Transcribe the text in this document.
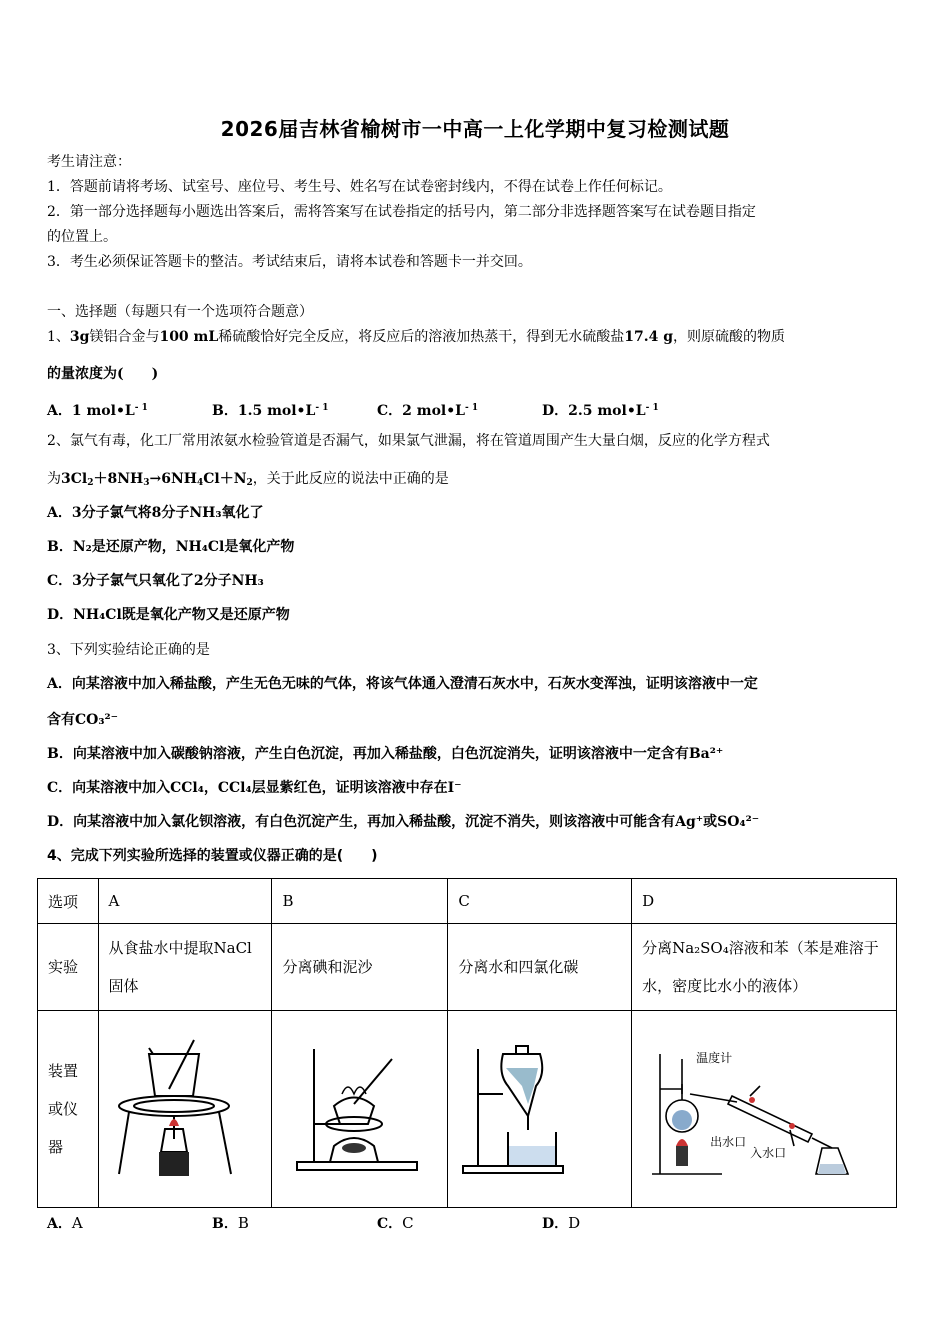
2026届吉林省榆树市一中高一上化学期中复习检测试题
考生请注意：
1．答题前请将考场、试室号、座位号、考生号、姓名写在试卷密封线内，不得在试卷上作任何标记。
2．第一部分选择题每小题选出答案后，需将答案写在试卷指定的括号内，第二部分非选择题答案写在试卷题目指定
的位置上。
3．考生必须保证答题卡的整洁。考试结束后，请将本试卷和答题卡一并交回。
一、选择题（每题只有一个选项符合题意）
1、3g镁铝合金与100 mL稀硫酸恰好完全反应，将反应后的溶液加热蒸干，得到无水硫酸盐17.4 g，则原硫酸的物质
的量浓度为(　　)
A．1 $mol•L^{- 1}$	B．1.5 $mol•L^{- 1}$	C．2 $mol•L^{- 1}$	D．2.5 $mol•L^{- 1}$
2、氯气有毒，化工厂常用浓氨水检验管道是否漏气，如果氯气泄漏，将在管道周围产生大量白烟，反应的化学方程式
为$3Cl_2+8NH_3\to 6NH_4Cl+N_2$，关于此反应的说法中正确的是
A．3分子氯气将8分子NH₃氧化了
B．N₂是还原产物，NH₄Cl是氧化产物
C．3分子氯气只氧化了2分子NH₃
D．NH₄Cl既是氧化产物又是还原产物
3、下列实验结论正确的是
A．向某溶液中加入稀盐酸，产生无色无味的气体，将该气体通入澄清石灰水中，石灰水变浑浊，证明该溶液中一定
含有CO₃²⁻
B．向某溶液中加入碳酸钠溶液，产生白色沉淀，再加入稀盐酸，白色沉淀消失，证明该溶液中一定含有Ba²⁺
C．向某溶液中加入CCl₄，CCl₄层显紫红色，证明该溶液中存在I⁻
D．向某溶液中加入氯化钡溶液，有白色沉淀产生，再加入稀盐酸，沉淀不消失，则该溶液中可能含有Ag⁺或SO₄²⁻
4、完成下列实验所选择的装置或仪器正确的是(　　)
选项	A	B	C	D
实验	从食盐水中提取NaCl固体	分离碘和泥沙	分离水和四氯化碳	分离Na₂SO₄溶液和苯（苯是难溶于水，密度比水小的液体）
装置或仪器				温度计
出水口
入水口
A．A	B．B	C．C	D．D
